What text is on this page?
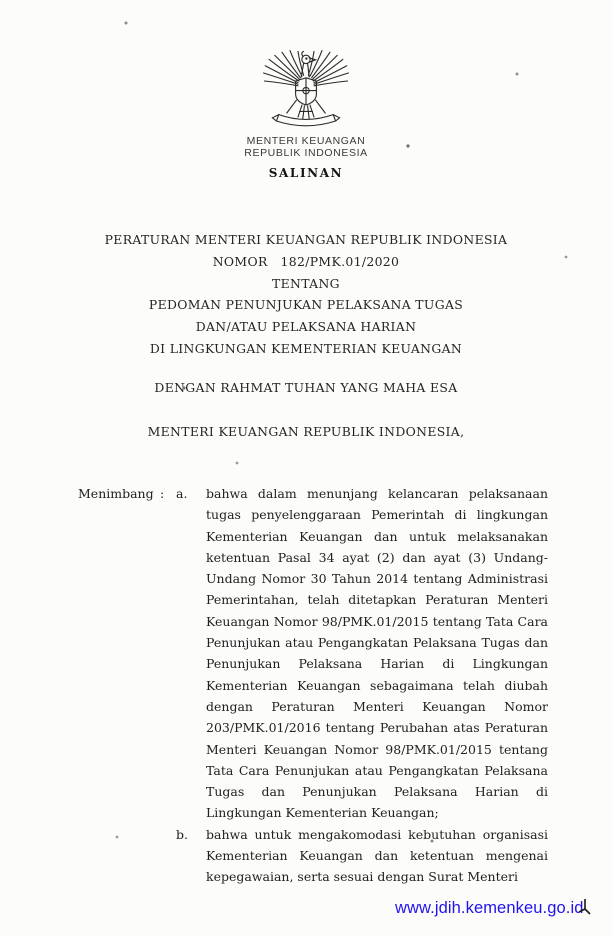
MENTERI KEUANGAN
REPUBLIK INDONESIA
SALINAN
PERATURAN MENTERI KEUANGAN REPUBLIK INDONESIA
NOMOR   182/PMK.01/2020
TENTANG
PEDOMAN PENUNJUKAN PELAKSANA TUGAS
DAN/ATAU PELAKSANA HARIAN
DI LINGKUNGAN KEMENTERIAN KEUANGAN
DENGAN RAHMAT TUHAN YANG MAHA ESA
MENTERI KEUANGAN REPUBLIK INDONESIA,
Menimbang : a.	bahwa dalam menunjang kelancaran pelaksanaan tugas penyelenggaraan Pemerintah di lingkungan Kementerian Keuangan dan untuk melaksanakan ketentuan Pasal 34 ayat (2) dan ayat (3) Undang-Undang Nomor 30 Tahun 2014 tentang Administrasi Pemerintahan, telah ditetapkan Peraturan Menteri Keuangan Nomor 98/PMK.01/2015 tentang Tata Cara Penunjukan atau Pengangkatan Pelaksana Tugas dan Penunjukan Pelaksana Harian di Lingkungan Kementerian Keuangan sebagaimana telah diubah dengan Peraturan Menteri Keuangan Nomor 203/PMK.01/2016 tentang Perubahan atas Peraturan Menteri Keuangan Nomor 98/PMK.01/2015 tentang Tata Cara Penunjukan atau Pengangkatan Pelaksana Tugas dan Penunjukan Pelaksana Harian di Lingkungan Kementerian Keuangan;

b.	bahwa untuk mengakomodasi kebutuhan organisasi Kementerian Keuangan dan ketentuan mengenai kepegawaian, serta sesuai dengan Surat Menteri

www.jdih.kemenkeu.go.id
